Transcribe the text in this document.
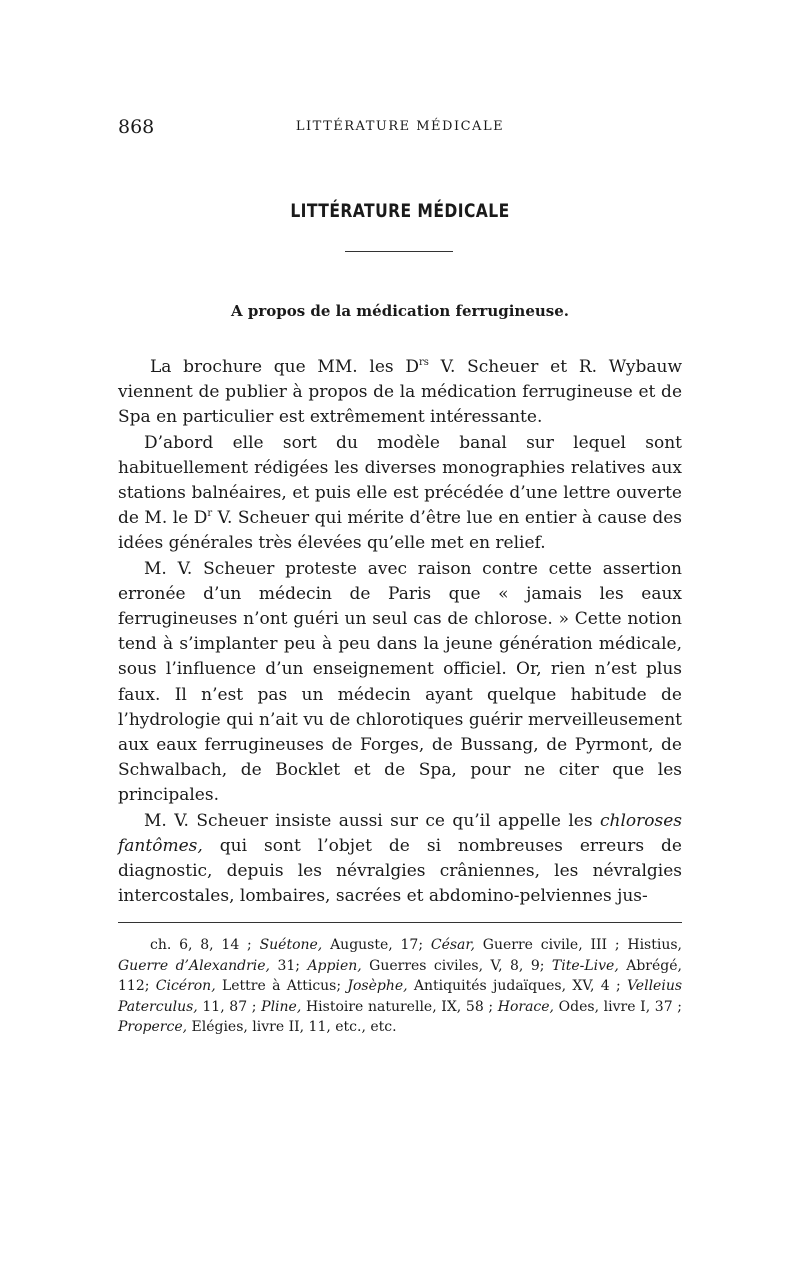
868	LITTÉRATURE MÉDICALE
LITTÉRATURE MÉDICALE
A propos de la médication ferrugineuse.

La brochure que MM. les $D^{rs}$ V. Scheuer et R. Wybauw viennent de publier à propos de la médication ferrugineuse et de Spa en particulier est extrêmement intéressante.

D’abord elle sort du modèle banal sur lequel sont habituellement rédigées les diverses monographies relatives aux stations balnéaires, et puis elle est précédée d’une lettre ouverte de M. le $D^r$ V. Scheuer qui mérite d’être lue en entier à cause des idées générales très élevées qu’elle met en relief.

M. V. Scheuer proteste avec raison contre cette assertion erronée d’un médecin de Paris que « jamais les eaux ferrugineuses n’ont guéri un seul cas de chlorose. » Cette notion tend à s’implanter peu à peu dans la jeune génération médicale, sous l’influence d’un enseignement officiel. Or, rien n’est plus faux. Il n’est pas un médecin ayant quelque habitude de l’hydrologie qui n’ait vu de chlorotiques guérir merveilleusement aux eaux ferrugineuses de Forges, de Bussang, de Pyrmont, de Schwalbach, de Bocklet et de Spa, pour ne citer que les principales.

M. V. Scheuer insiste aussi sur ce qu’il appelle les chloroses fantômes, qui sont l’objet de si nombreuses erreurs de diagnostic, depuis les névralgies crâniennes, les névralgies intercostales, lombaires, sacrées et abdomino-pelviennes jus-

ch. 6, 8, 14 ; Suétone, Auguste, 17; César, Guerre civile, III ; Histius, Guerre d’Alexandrie, 31; Appien, Guerres civiles, V, 8, 9; Tite-Live, Abrégé, 112; Cicéron, Lettre à Atticus; Josèphe, Antiquités judaïques, XV, 4 ; Velleius Paterculus, 11, 87 ; Pline, Histoire naturelle, IX, 58 ; Horace, Odes, livre I, 37 ; Properce, Elégies, livre II, 11, etc., etc.
